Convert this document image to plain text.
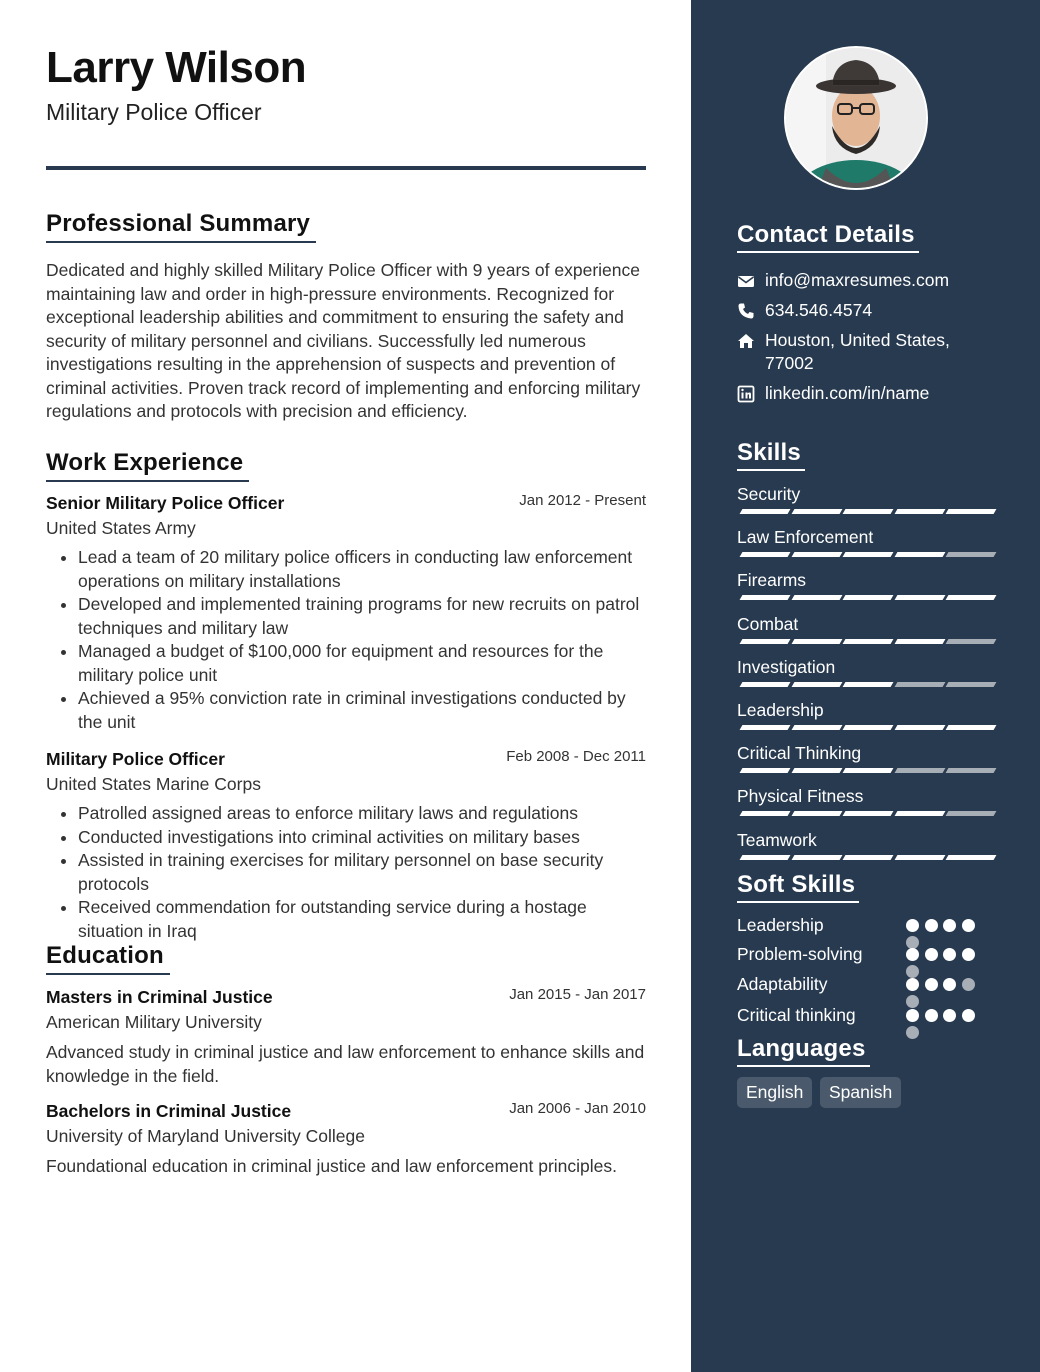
Larry Wilson
Military Police Officer
Professional Summary
Dedicated and highly skilled Military Police Officer with 9 years of experience maintaining law and order in high-pressure environments. Recognized for exceptional leadership abilities and commitment to ensuring the safety and security of military personnel and civilians. Successfully led numerous investigations resulting in the apprehension of suspects and prevention of criminal activities. Proven track record of implementing and enforcing military regulations and protocols with precision and efficiency.
Work Experience
Senior Military Police Officer	Jan 2012 - Present
United States Army
• Lead a team of 20 military police officers in conducting law enforcement operations on military installations
• Developed and implemented training programs for new recruits on patrol techniques and military law
• Managed a budget of $100,000 for equipment and resources for the military police unit
• Achieved a 95% conviction rate in criminal investigations conducted by the unit
Military Police Officer	Feb 2008 - Dec 2011
United States Marine Corps
• Patrolled assigned areas to enforce military laws and regulations
• Conducted investigations into criminal activities on military bases
• Assisted in training exercises for military personnel on base security protocols
• Received commendation for outstanding service during a hostage situation in Iraq
Education
Masters in Criminal Justice	Jan 2015 - Jan 2017
American Military University
Advanced study in criminal justice and law enforcement to enhance skills and knowledge in the field.
Bachelors in Criminal Justice	Jan 2006 - Jan 2010
University of Maryland University College
Foundational education in criminal justice and law enforcement principles.
Contact Details
info@maxresumes.com
634.546.4574
Houston, United States,
77002
linkedin.com/in/name
Skills
Security
Law Enforcement
Firearms
Combat
Investigation
Leadership
Critical Thinking
Physical Fitness
Teamwork
Soft Skills
Leadership
Problem-solving
Adaptability
Critical thinking
Languages
English	Spanish
